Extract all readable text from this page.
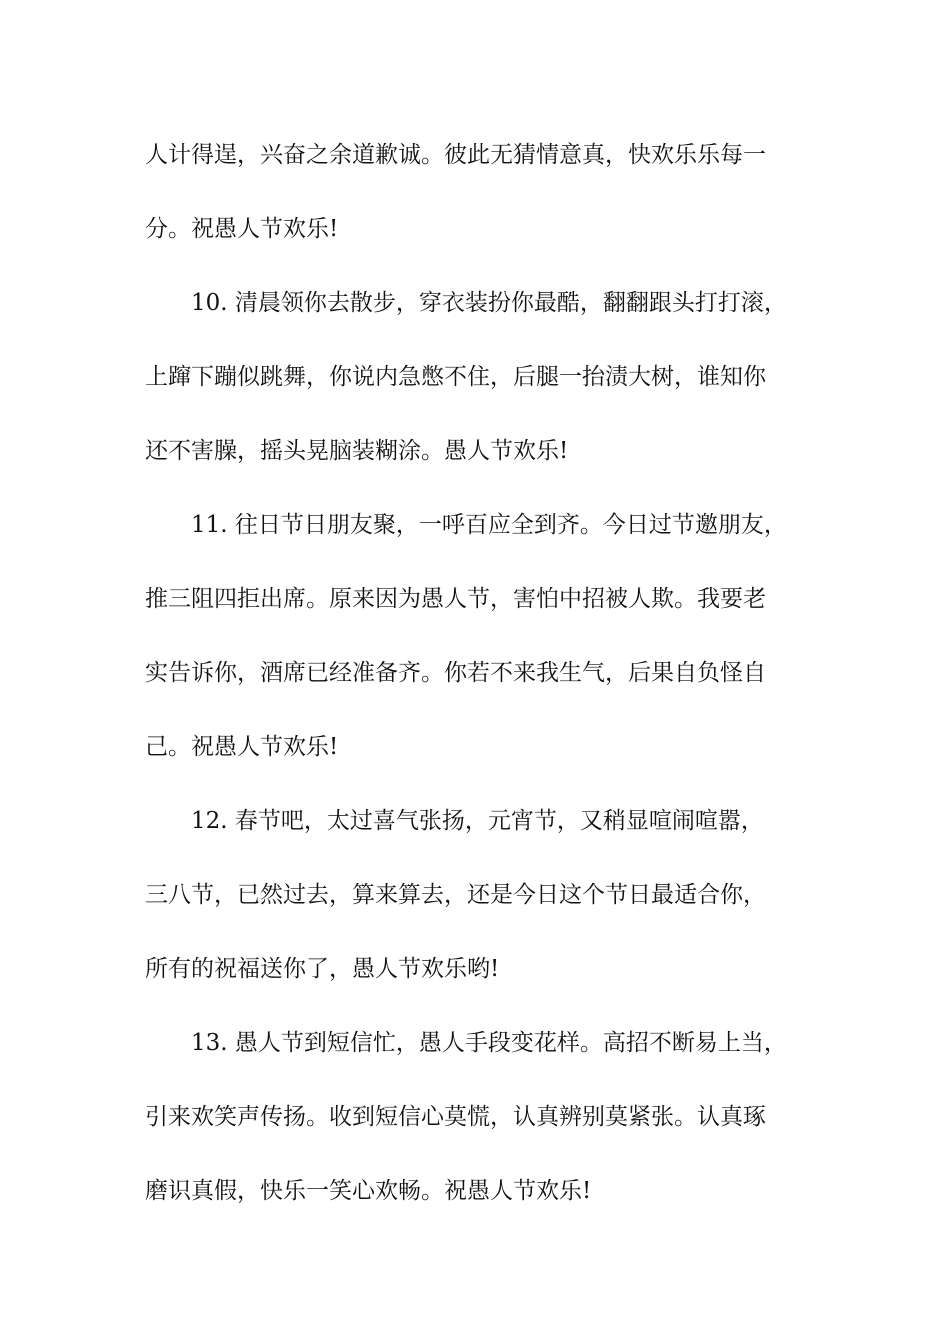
人计得逞，兴奋之余道歉诚。彼此无猜情意真，快欢乐乐每一

分。祝愚人节欢乐!

10. 清晨领你去散步，穿衣装扮你最酷，翻翻跟头打打滚，

上蹿下蹦似跳舞，你说内急憋不住，后腿一抬渍大树，谁知你

还不害臊，摇头晃脑装糊涂。愚人节欢乐!

11. 往日节日朋友聚，一呼百应全到齐。今日过节邀朋友，

推三阻四拒出席。原来因为愚人节，害怕中招被人欺。我要老

实告诉你，酒席已经准备齐。你若不来我生气，后果自负怪自

己。祝愚人节欢乐!

12. 春节吧，太过喜气张扬，元宵节，又稍显喧闹喧嚣，

三八节，已然过去，算来算去，还是今日这个节日最适合你，

所有的祝福送你了，愚人节欢乐哟!

13. 愚人节到短信忙，愚人手段变花样。高招不断易上当，

引来欢笑声传扬。收到短信心莫慌，认真辨别莫紧张。认真琢

磨识真假，快乐一笑心欢畅。祝愚人节欢乐!
